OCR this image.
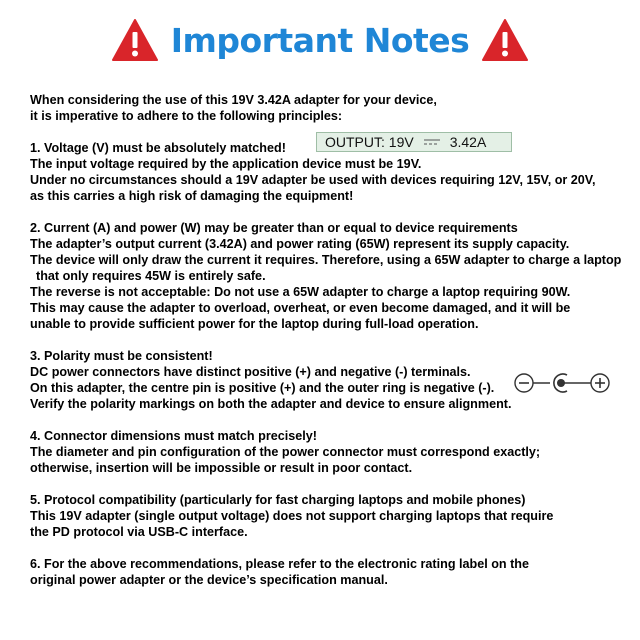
Important Notes
When considering the use of this 19V 3.42A adapter for your device,
it is imperative to adhere to the following principles:
1. Voltage (V) must be absolutely matched!
The input voltage required by the application device must be 19V.
Under no circumstances should a 19V adapter be used with devices requiring 12V, 15V, or 20V,
as this carries a high risk of damaging the equipment!
2. Current (A) and power (W) may be greater than or equal to device requirements
The adapter’s output current (3.42A) and power rating (65W) represent its supply capacity.
The device will only draw the current it requires. Therefore, using a 65W adapter to charge a laptop
that only requires 45W is entirely safe.
The reverse is not acceptable: Do not use a 65W adapter to charge a laptop requiring 90W.
This may cause the adapter to overload, overheat, or even become damaged, and it will be
unable to provide sufficient power for the laptop during full-load operation.
3. Polarity must be consistent!
DC power connectors have distinct positive (+) and negative (-) terminals.
On this adapter, the centre pin is positive (+) and the outer ring is negative (-).
Verify the polarity markings on both the adapter and device to ensure alignment.
4. Connector dimensions must match precisely!
The diameter and pin configuration of the power connector must correspond exactly;
otherwise, insertion will be impossible or result in poor contact.
5. Protocol compatibility (particularly for fast charging laptops and mobile phones)
This 19V adapter (single output voltage) does not support charging laptops that require
the PD protocol via USB-C interface.
6. For the above recommendations, please refer to the electronic rating label on the
original power adapter or the device’s specification manual.
OUTPUT: 19V	3.42A
